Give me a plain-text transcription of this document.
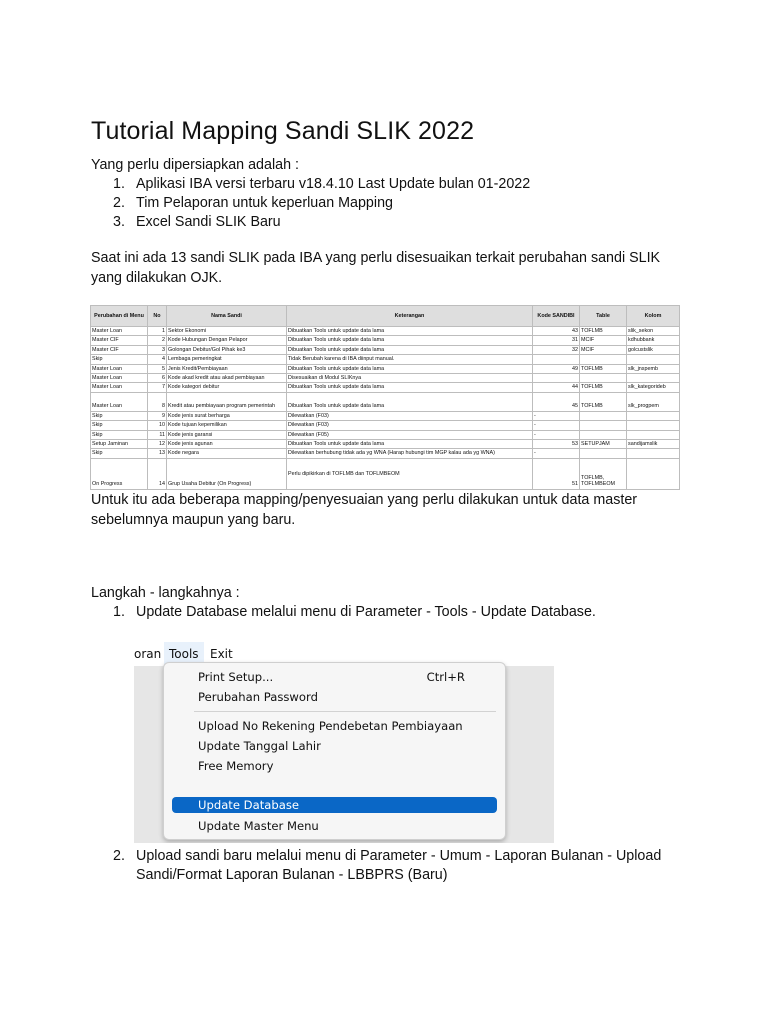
Tutorial Mapping Sandi SLIK 2022
Yang perlu dipersiapkan adalah :
1. Aplikasi IBA versi terbaru v18.4.10 Last Update bulan 01-2022
2. Tim Pelaporan untuk keperluan Mapping
3. Excel Sandi SLIK Baru
Saat ini ada 13 sandi SLIK pada IBA yang perlu disesuaikan terkait perubahan sandi SLIK yang dilakukan OJK.
Perubahan di Menu	No	Nama Sandi	Keterangan	Kode SANDIBI	Table	Kolom
Master Loan	1	Sektor Ekonomi	Dibuatkan Tools untuk update data lama	43	TOFLMB	slik_sekon
Master CIF	2	Kode Hubungan Dengan Pelapor	Dibuatkan Tools untuk update data lama	31	MCIF	kdhubbank
Master CIF	3	Golongan Debitur/Gol Pihak ke3	Dibuatkan Tools untuk update data lama	32	MCIF	golcustslik
Skip	4	Lembaga pemeringkat	Tidak Berubah karena di IBA diinput manual.			
Master Loan	5	Jenis Kredit/Pembiayaan	Dibuatkan Tools untuk update data lama	49	TOFLMB	slk_jnspemb
Master Loan	6	Kode akad kredit atau akad pembiayaan	Disesuaikan di Modul SLIKnya			
Master Loan	7	Kode kategori debitur	Dibuatkan Tools untuk update data lama	44	TOFLMB	slk_kategorideb
Master Loan	8	Kredit atau pembiayaan program pemerintah	Dibuatkan Tools untuk update data lama	45	TOFLMB	slk_progpem
Skip	9	Kode jenis surat berharga	Dilewatkan (F03)	-		
Skip	10	Kode tujuan kepemilikan	Dilewatkan (F03)	-		
Skip	11	Kode jenis garansi	Dilewatkan (F05)	-		
Setup Jaminan	12	Kode jenis agunan	Dibuatkan Tools untuk update data lama	53	SETUPJAM	sandijamslik
Skip	13	Kode negara	Dilewatkan berhubung tidak ada yg WNA (Harap hubungi tim MGP kalau ada yg WNA)	-		
On Progress	14	Grup Usaha Debitur (On Progress)	Perlu dipikirkan di TOFLMB dan TOFLMBEOM	51	TOFLMB, TOFLMBEOM	
Untuk itu ada beberapa mapping/penyesuaian yang perlu dilakukan untuk data master sebelumnya maupun yang baru.
Langkah - langkahnya :
1. Update Database melalui menu di Parameter - Tools - Update Database.
oran Tools Exit
Print Setup...	Ctrl+R
Perubahan Password
Upload No Rekening Pendebetan Pembiayaan
Update Tanggal Lahir
Free Memory
Update Database
Update Master Menu
2. Upload sandi baru melalui menu di Parameter - Umum - Laporan Bulanan - Upload Sandi/Format Laporan Bulanan - LBBPRS (Baru)
